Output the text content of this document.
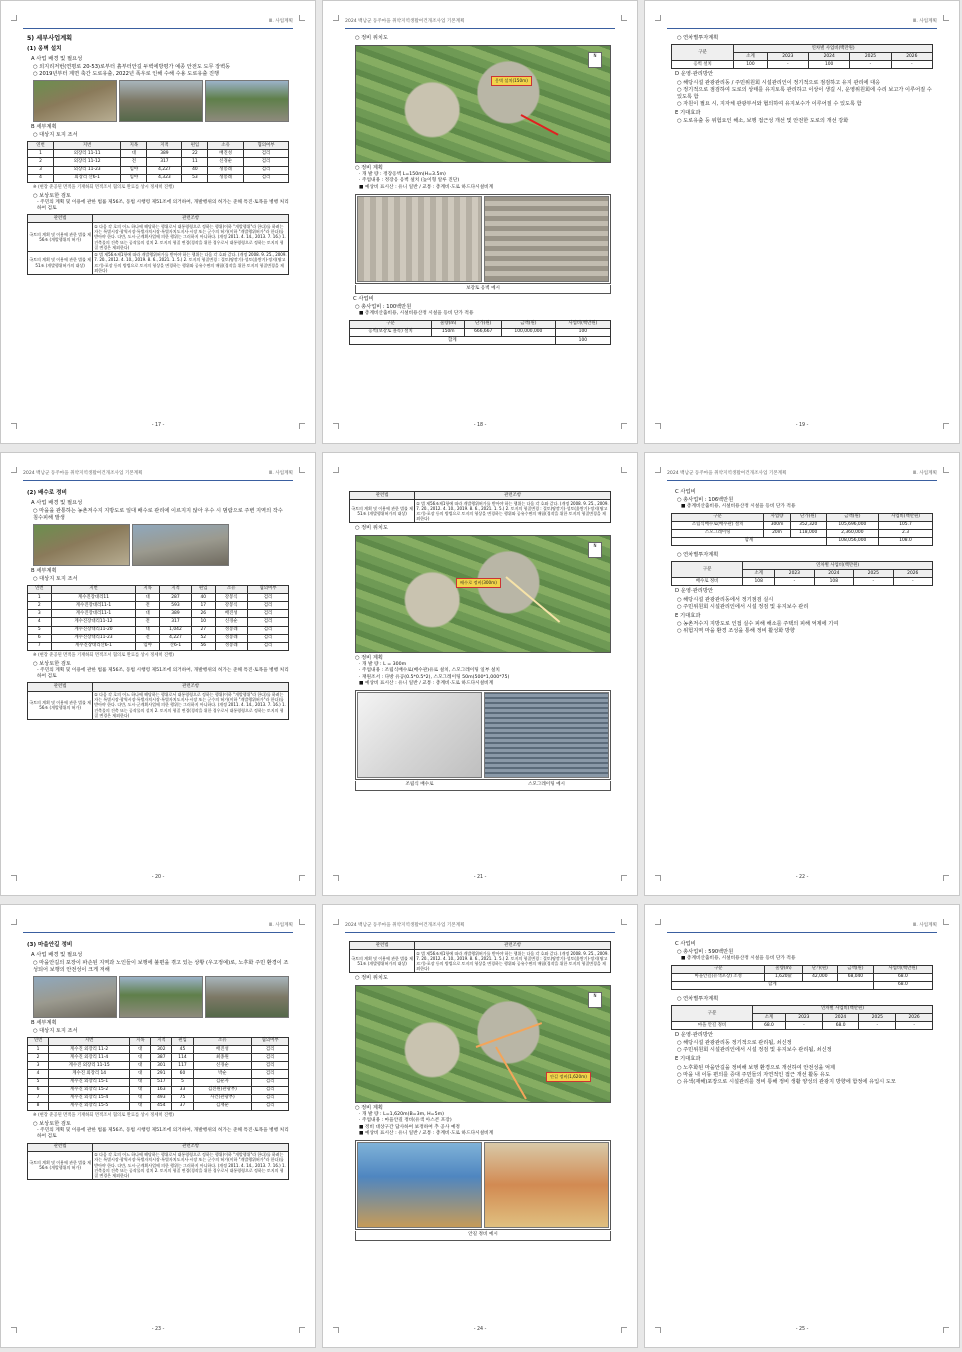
Ⅲ. 사업계획
5) 세부사업계획
(1) 옹벽 설치
A 사업 배경 및 필요성
○ 외지리저번(연평로 20-53)로부터 흙부터안길 두벽에방평가 예종 안전도 도무 장벽동
○ 2019년부터 계면 축간 도로유출, 2022년 폭우로 인해 수해 수용 도로유출 진행
B 세부계획
○ 대상지 토지 조서
연번	지번	지목	지적	편입	소유	협의여부
1	외장리 11-11	대	389	22	배진성	검리
2	외장리 11-12	전	317	11	신경순	검리
3	외장리 11-23	임야	4,227	40	성봉례	검리
4	외장리 산6-1	임야	4,323	53	성봉례	검리
※ (현장 준공된 면적을 기재하되 면적조서 협의로 완료를 상시 정세히 진행)
○ 보상토한 검토
- 주민의 계획 및 이용에 관한 법률 제56조, 동법 시행령 제51조에 의거하여, 개발행위의 허가는 준해 특진·토목을 병행 처리하여 검토
관련법	관련조항
국토의 계획 및 이용에 관한 법률 제56조 (개발행위의 허가)	① 다음 각 호의 어느 하나에 해당하는 행위로서 대통령령으로 정하는 행위(이하 "개발행위"라 한다)를 하려는 자는 특별시장·광역시장·특별자치시장·특별자치도지사·시장 또는 군수의 허가(이하 "개발행위허가"라 한다)를 받아야 한다. 다만, 도시·군계획사업에 의한 행위는 그러하지 아니하다. (개정 2011. 4. 14., 2013. 7. 16.) 1. 건축물의 건축 또는 공작물의 설치 2. 토지의 형질 변경(경작을 위한 경우로서 대통령령으로 정하는 토지의 형질 변경은 제외한다)
국토의 계획 및 이용에 관한 법률 제51조 (개발행위허가의 대상)	① 법 제56조제1항에 따라 개발행위허가를 받아야 하는 행위는 다음 각 호와 같다. (개정 2008. 9. 25., 2009. 7. 20., 2012. 4. 10., 2019. 8. 6., 2021. 1. 5.) 2. 토지의 형질변경 : 절토(땅깎기)·성토(흙쌓기)·정지(땅고르기)·포장 등의 방법으로 토지의 형상을 변경하는 행위와 공유수면의 매립(경작을 위한 토지의 형질변경을 제외한다)
- 17 -
2024 백남군 동주마을 취약지역생활여건개조사업 기본계획
○ 정비 위치도
옹벽 설치(150m)
N
○ 정비 계획
· 개 발 량 : 정장옹벽 L=150m(H=3.5m)
· 주업내용 : 정장옹 옹벽 설치 (높이형 알루 진단)
■ 예상비 표시산 : 유니 일반 / 교통 : 총계비·도로 하드다시설비계
보강토 옹벽 예시
C 사업비
○ 총사업비 : 100백만원
■ 총계비산출비용, 시설비용산정 시설을 등비 단가 적용
구분	물량(m)	단가(원)	금액(원)	사업비(백만원)
옹벽(보강토 블록) 설치	150m	666,667	100,000,000	100
합계				100
- 18 -
Ⅲ. 사업계획
○ 연차별투자계획
구분	연차별 사업비(백만원)				
	소계	2023	2024	2025	2026
옹벽 설치	100	-	100	-	-
D 운영·관리방안
○ 해당시설 관광관리동 / 주민위원회 시설관리인이 정기적으로 점검하고 유지 관리에 대응
○ 정기적으로 점검하여 도로의 상태를 유지토록 관리하고 이상이 생길 시, 운영위원회에 수리 보고가 이루어질 수 있도록 함
○ 자원이 필요 시, 지자체 관광부서와 협의하여 유지보수가 이루어질 수 있도록 함
E 기대효과
○ 도로유출 등 위험요인 해소, 보행 접근성 개선 및 안전한 도로의 개선 강화
- 19 -
2024 백남군 동주마을 취약지역생활여건개조사업 기본계획	Ⅲ. 사업계획
(2) 배수로 정비
A 사업 배경 및 필요성
○ 마을을 관통하는 농촌저수지 지방도로 일대 배수로 관리에 이르지지 않아 우수 시 범람으로 주변 지역의 작수 침수피해 발생
B 세부계획
○ 대상지 토지 조서
연번	지번	지목	지적	편입	소유	협의여부
1	계수진장대리11	대	287	40	강봉식	검리
2	계수진장대리11-1	전	593	17	강봉식	검리
3	계수진장대리11-1	대	389	26	배진성	검리
4	계수진장대리11-12	전	317	10	신경순	검리
5	계수진장대리11-20	대	1,042	27	성봉례	검리
6	계수진장대리11-23	전	4,227	52	성봉례	검리
7	계수진장대리산6-1	임야	산6-1	56	성봉례	검리
※ (현장 준공된 면적을 기재하되 면적조서 협의로 완료를 상시 정세히 진행)
○ 보상토한 검토
- 주민의 계획 및 이용에 관한 법률 제56조, 동법 시행령 제51조에 의거하여, 개발행위의 허가는 준해 특진·토목을 병행 처리하여 검토
관련법	관련조항
국토의 계획 및 이용에 관한 법률 제56조 (개발행위의 허가)	① 다음 각 호의 어느 하나에 해당하는 행위로서 대통령령으로 정하는 행위(이하 "개발행위"라 한다)를 하려는 자는 특별시장·광역시장·특별자치시장·특별자치도지사·시장 또는 군수의 허가(이하 "개발행위허가"라 한다)를 받아야 한다. 다만, 도시·군계획사업에 의한 행위는 그러하지 아니하다. (개정 2011. 4. 14., 2013. 7. 16.) 1. 건축물의 건축 또는 공작물의 설치 2. 토지의 형질 변경(경작을 위한 경우로서 대통령령으로 정하는 토지의 형질 변경은 제외한다)
- 20 -
관련법	관련조항
국토의 계획 및 이용에 관한 법률 제51조 (개발행위허가의 대상)	① 법 제56조제1항에 따라 개발행위허가를 받아야 하는 행위는 다음 각 호와 같다. (개정 2008. 9. 25., 2009. 7. 20., 2012. 4. 10., 2019. 8. 6., 2021. 1. 5.) 2. 토지의 형질변경 : 절토(땅깎기)·성토(흙쌓기)·정지(땅고르기)·포장 등의 방법으로 토지의 형상을 변경하는 행위와 공유수면의 매립(경작을 위한 토지의 형질변경을 제외한다)
○ 정비 위치도
배수로 정비(300m)
N
○ 정비 계획
· 개 발 량 : L = 300m
· 주업내용 : 조립식배수로(배수관)유로 설치, 스모그레이팅 일부 설치
· 재원조서 : 다방 유공(0.5*0.5*2), 스모그레이팅 50m(500*1,000*75)
■ 예상비 표시산 : 유니 일반 / 교통 : 총계비·도로 하드다시설비계
조립식 배수로	스모그레이팅 예시
- 21 -
2024 백남군 동주마을 취약지역생활여건개조사업 기본계획	Ⅲ. 사업계획
C 사업비
○ 총사업비 : 106백만원
■ 총계비산출비용, 시설비용산정 시설을 등비 단가 적용
구분	사업량	단가(원)	금액(원)	사업비(백만원)
조립식배수로(배수관) 설치	300m	352,320	105,696,000	105.7
스모그레이팅	20m	118,000	2,360,000	2.3
합계			108,056,000	108.0
○ 연차별투자계획
구분	연차별 사업비(백만원)				
	소계	2023	2024	2025	2026
배수로 정비	108	-	108	-	-
D 운영·관리방안
○ 해당시설 관광관리동에서 정기점검 실시
○ 주민위원회 시설관리인에서 시설 정검 및 유지보수 관리
E 기대효과
○ 농촌저수지 지방도로 인접 실수 피해 해소를 주택의 피해 억제에 기여
○ 위험지역 마을 환경 조성을 통해 정비 활성화 방향
- 22 -
Ⅲ. 사업계획
(3) 마을안길 정비
A 사업 배경 및 필요성
○ 마을안길의 포장이 파손된 지역과 노인들이 보행에 불편을 겪고 있는 상황 (우고정예)로, 노후화 주민 환경이 조성되어 보행의 안전성이 크게 저해
B 세부계획
○ 대상지 토지 조서
연번	지번	지목	지적	편입	소유	협의여부
1	계수진 외장리 11-2	대	302	45	배진성	검리
2	계수진 외장리 11-4	대	387	114	최종원	검리
3	계수진 외장리 11-15	대	301	117	신경순	검리
4	계수진 외장리 14	대	291	60	박순	검리
5	계수진 외장리 15-1	대	517	5	김순자	검리
6	계수진 외장리 15-2	대	163	33	김진원(관광부)	검리
7	계수진 외장리 15-4	대	493	75	사건(관광부)	검리
8	계수진 외장리 15-5	대	454	37	김재순	검리
※ (현장 준공된 면적을 기재하되 면적조서 협의로 완료를 상시 정세히 진행)
○ 보상토한 검토
- 주민의 계획 및 이용에 관한 법률 제56조, 동법 시행령 제51조에 의거하여, 개발행위의 허가는 준해 특진·토목을 병행 처리하여 검토
관련법	관련조항
국토의 계획 및 이용에 관한 법률 제56조 (개발행위의 허가)	① 다음 각 호의 어느 하나에 해당하는 행위로서 대통령령으로 정하는 행위(이하 "개발행위"라 한다)를 하려는 자는 특별시장·광역시장·특별자치시장·특별자치도지사·시장 또는 군수의 허가(이하 "개발행위허가"라 한다)를 받아야 한다. 다만, 도시·군계획사업에 의한 행위는 그러하지 아니하다. (개정 2011. 4. 14., 2013. 7. 16.) 1. 건축물의 건축 또는 공작물의 설치 2. 토지의 형질 변경(경작을 위한 경우로서 대통령령으로 정하는 토지의 형질 변경은 제외한다)
- 23 -
2024 백남군 동주마을 취약지역생활여건개조사업 기본계획
관련법	관련조항
국토의 계획 및 이용에 관한 법률 제51조 (개발행위허가의 대상)	① 법 제56조제1항에 따라 개발행위허가를 받아야 하는 행위는 다음 각 호와 같다. (개정 2008. 9. 25., 2009. 7. 20., 2012. 4. 10., 2019. 8. 6., 2021. 1. 5.) 2. 토지의 형질변경 : 절토(땅깎기)·성토(흙쌓기)·정지(땅고르기)·포장 등의 방법으로 토지의 형상을 변경하는 행위와 공유수면의 매립(경작을 위한 토지의 형질변경을 제외한다)
○ 정비 위치도
안길 정비(1,620m)
N
○ 정비 계획
· 개 발 량 : L=1,620m(B=3m, H=5m)
· 주업내용 : 마을안길 정비(유색 아스콘 포장)
■ 정비 대상구간 답사하여 보정하여 추 공사 예정
■ 예상비 표시산 : 유니 일반 / 교통 : 총계비·도로 하드다시설비계
안길 정비 예시
- 24 -
Ⅲ. 사업계획
C 사업비
○ 총사업비 : 590백만원
■ 총계비산출비용, 시설비용산정 시설을 등비 단가 적용
구분	물량(m)	단가(원)	금액(원)	사업비(백만원)
마을안길(유색포장) 조성	1,620㎡	42,000	68,040	68.0
합계				68.0
○ 연차별투자계획
구분	연차별 사업비(백만원)				
	소계	2023	2024	2025	2026
마을 안길 정비	68.0	-	68.0	-	-
D 운영·관리방안
○ 해당시설 관광관리동 정기적으로 관리됨, 쇠신정
○ 주민위원회 시설관리인에서 시설 정검 및 유지보수 관리됨, 쇠신정
E 기대효과
○ 노후화된 마을안길을 정비해 보행 환경으로 개선하여 안전성을 억제
○ 마을 내 이동 편의를 증대 주민들의 자연적인 접근 개선 활동 유도
○ 유색(재해)포장으로 시설관리를 정비 통해 정비 생활 양성의 관광지 방향에 함정에 유입시 도모
- 25 -
